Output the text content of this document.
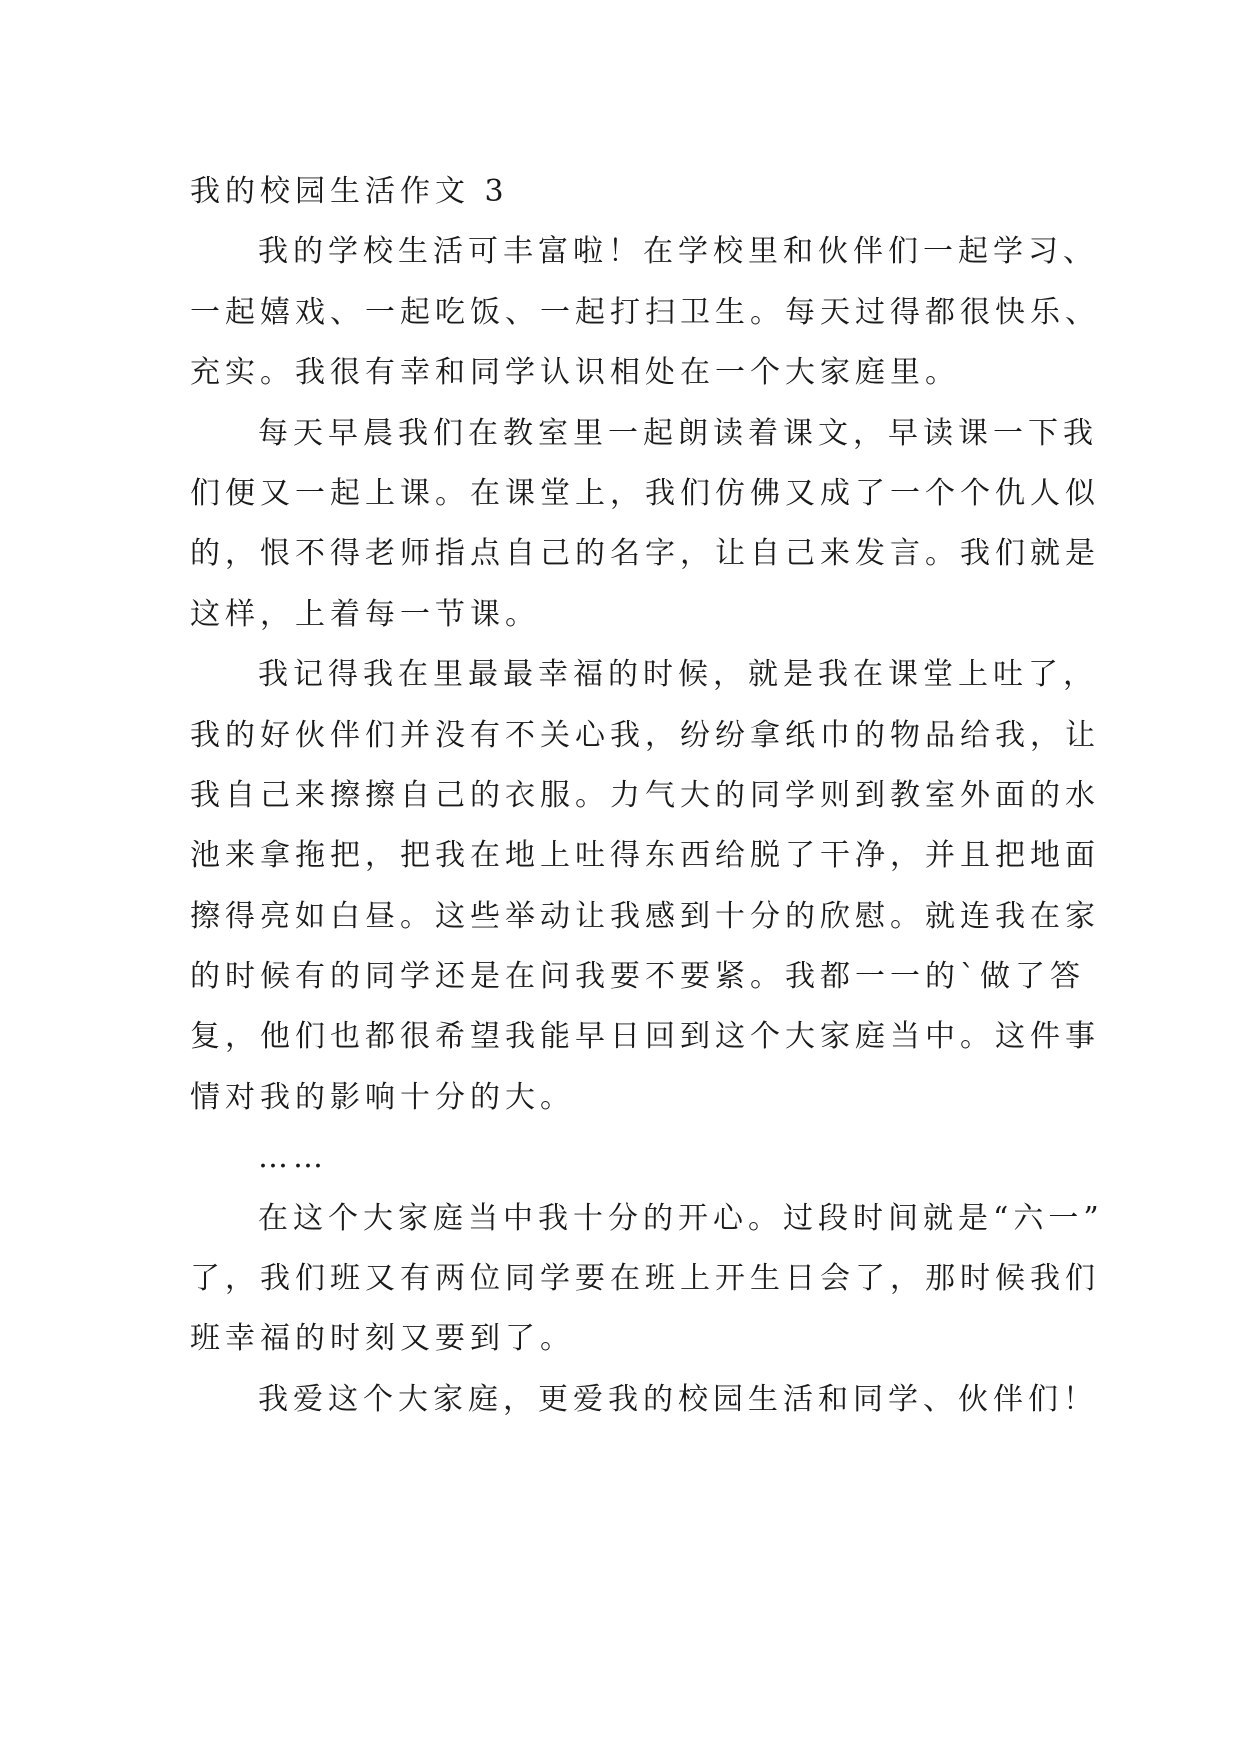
我的校园生活作文 3
我的学校生活可丰富啦！在学校里和伙伴们一起学习、
一起嬉戏、一起吃饭、一起打扫卫生。每天过得都很快乐、
充实。我很有幸和同学认识相处在一个大家庭里。
每天早晨我们在教室里一起朗读着课文，早读课一下我
们便又一起上课。在课堂上，我们仿佛又成了一个个仇人似
的，恨不得老师指点自己的名字，让自己来发言。我们就是
这样，上着每一节课。
我记得我在里最最幸福的时候，就是我在课堂上吐了，
我的好伙伴们并没有不关心我，纷纷拿纸巾的物品给我，让
我自己来擦擦自己的衣服。力气大的同学则到教室外面的水
池来拿拖把，把我在地上吐得东西给脱了干净，并且把地面
擦得亮如白昼。这些举动让我感到十分的欣慰。就连我在家
的时候有的同学还是在问我要不要紧。我都一一的`做了答
复，他们也都很希望我能早日回到这个大家庭当中。这件事
情对我的影响十分的大。
……
在这个大家庭当中我十分的开心。过段时间就是“六一”
了，我们班又有两位同学要在班上开生日会了，那时候我们
班幸福的时刻又要到了。
我爱这个大家庭，更爱我的校园生活和同学、伙伴们！
